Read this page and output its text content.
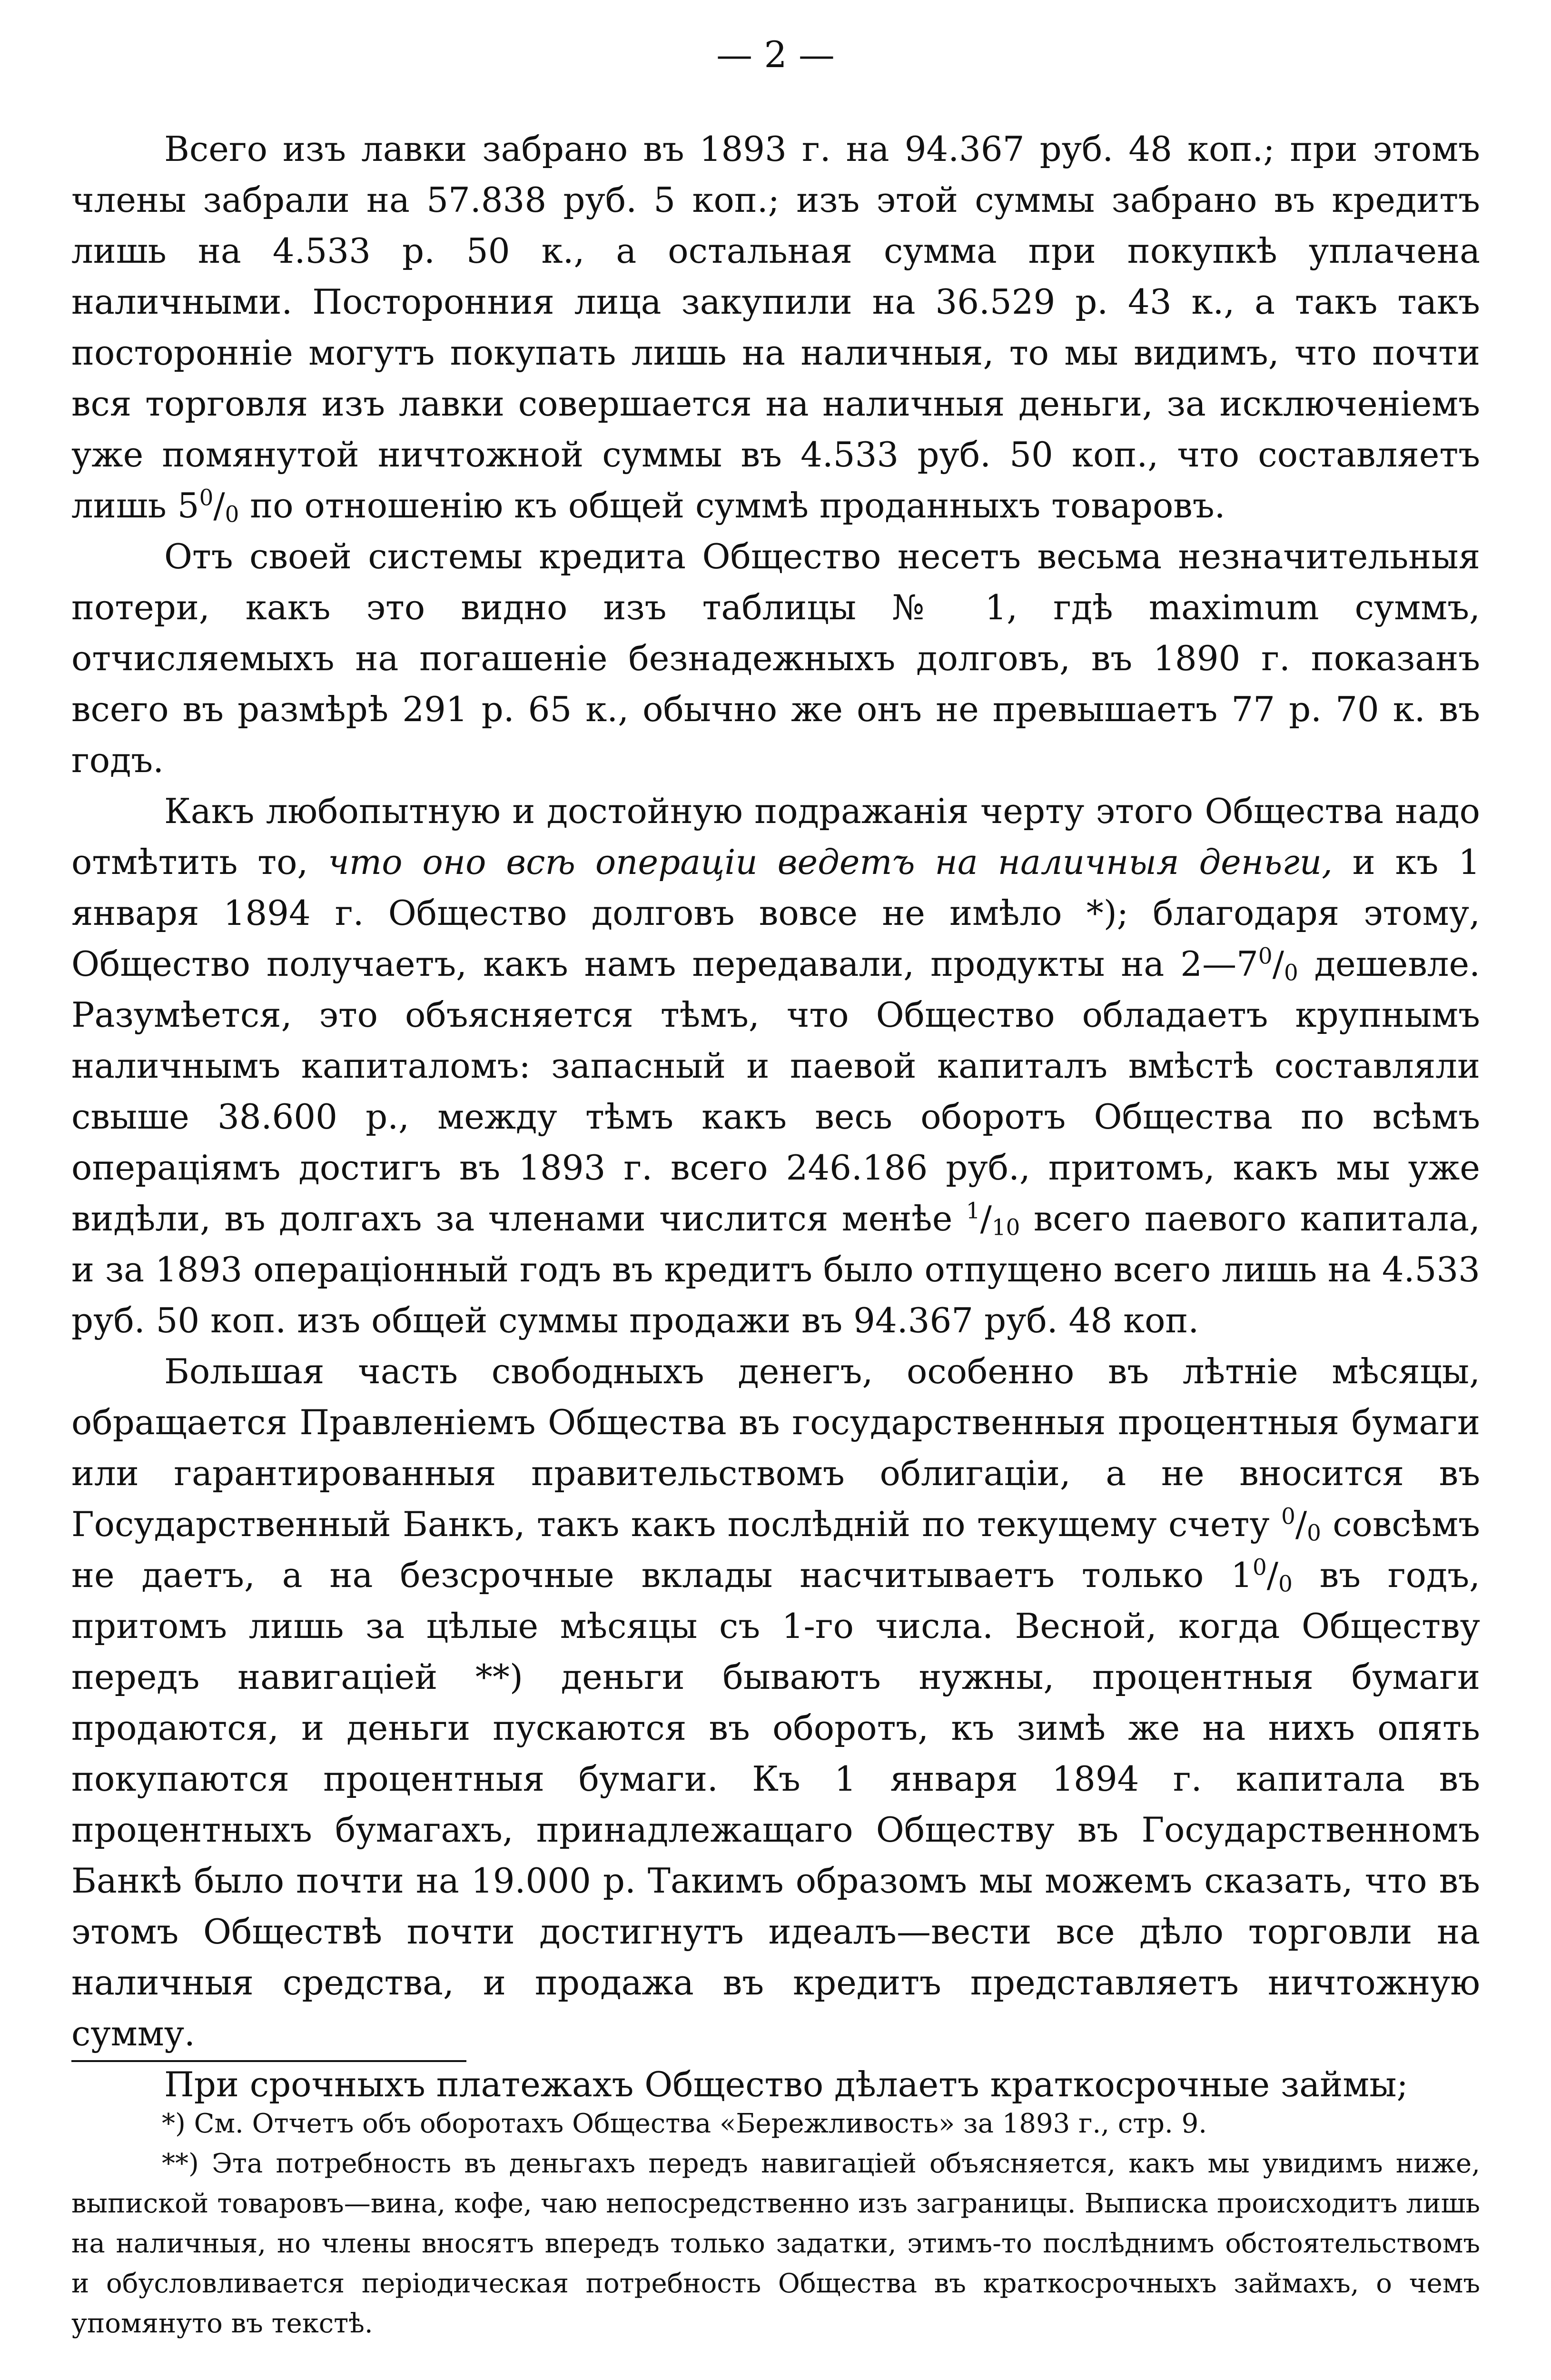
— 2 —

Всего изъ лавки забрано въ 1893 г. на 94.367 руб. 48 коп.; при этомъ члены забрали на 57.838 руб. 5 коп.; изъ этой суммы забрано въ кредитъ лишь на 4.533 р. 50 к., а остальная сумма при покупкѣ уплачена наличными. Посторонния лица закупили на 36.529 р. 43 к., а такъ такъ посторонніе могутъ покупать лишь на наличныя, то мы видимъ, что почти вся торговля изъ лавки совершается на наличныя деньги, за исключеніемъ уже помянутой ничтожной суммы въ 4.533 руб. 50 коп., что составляетъ лишь $5^0/_0$ по отношенію къ общей суммѣ проданныхъ товаровъ.

Отъ своей системы кредита Общество несетъ весьма незначительныя потери, какъ это видно изъ таблицы № 1, гдѣ maximum суммъ, отчисляемыхъ на погашеніе безнадежныхъ долговъ, въ 1890 г. показанъ всего въ размѣрѣ 291 р. 65 к., обычно же онъ не превышаетъ 77 р. 70 к. въ годъ.

Какъ любопытную и достойную подражанія черту этого Общества надо отмѣтить то, что оно всѣ операціи ведетъ на наличныя деньги, и къ 1 января 1894 г. Общество долговъ вовсе не имѣло *); благодаря этому, Общество получаетъ, какъ намъ передавали, продукты на $2—7^0/_0$ дешевле. Разумѣется, это объясняется тѣмъ, что Общество обладаетъ крупнымъ наличнымъ капиталомъ: запасный и паевой капиталъ вмѣстѣ составляли свыше 38.600 р., между тѣмъ какъ весь оборотъ Общества по всѣмъ операціямъ достигъ въ 1893 г. всего 246.186 руб., притомъ, какъ мы уже видѣли, въ долгахъ за членами числится менѣе $^1/_{10}$ всего паевого капитала, и за 1893 операціонный годъ въ кредитъ было отпущено всего лишь на 4.533 руб. 50 коп. изъ общей суммы продажи въ 94.367 руб. 48 коп.

Большая часть свободныхъ денегъ, особенно въ лѣтніе мѣсяцы, обращается Правленіемъ Общества въ государственныя процентныя бумаги или гарантированныя правительствомъ облигаціи, а не вносится въ Государственный Банкъ, такъ какъ послѣдній по текущему счету $^0/_0$ совсѣмъ не даетъ, а на безсрочные вклады насчитываетъ только $1^0/_0$ въ годъ, притомъ лишь за цѣлые мѣсяцы съ 1-го числа. Весной, когда Обществу передъ навигаціей **) деньги бываютъ нужны, процентныя бумаги продаются, и деньги пускаются въ оборотъ, къ зимѣ же на нихъ опять покупаются процентныя бумаги. Къ 1 января 1894 г. капитала въ процентныхъ бумагахъ, принадлежащаго Обществу въ Государственномъ Банкѣ было почти на 19.000 р. Такимъ образомъ мы можемъ сказать, что въ этомъ Обществѣ почти достигнутъ идеалъ—вести все дѣло торговли на наличныя средства, и продажа въ кредитъ представляетъ ничтожную сумму.

При срочныхъ платежахъ Общество дѣлаетъ краткосрочные займы;

*) См. Отчетъ объ оборотахъ Общества «Бережливость» за 1893 г., стр. 9.

**) Эта потребность въ деньгахъ передъ навигаціей объясняется, какъ мы увидимъ ниже, выпиской товаровъ—вина, кофе, чаю непосредственно изъ заграницы. Выписка происходитъ лишь на наличныя, но члены вносятъ впередъ только задатки, этимъ-то послѣднимъ обстоятельствомъ и обусловливается періодическая потребность Общества въ краткосрочныхъ займахъ, о чемъ упомянуто въ текстѣ.
